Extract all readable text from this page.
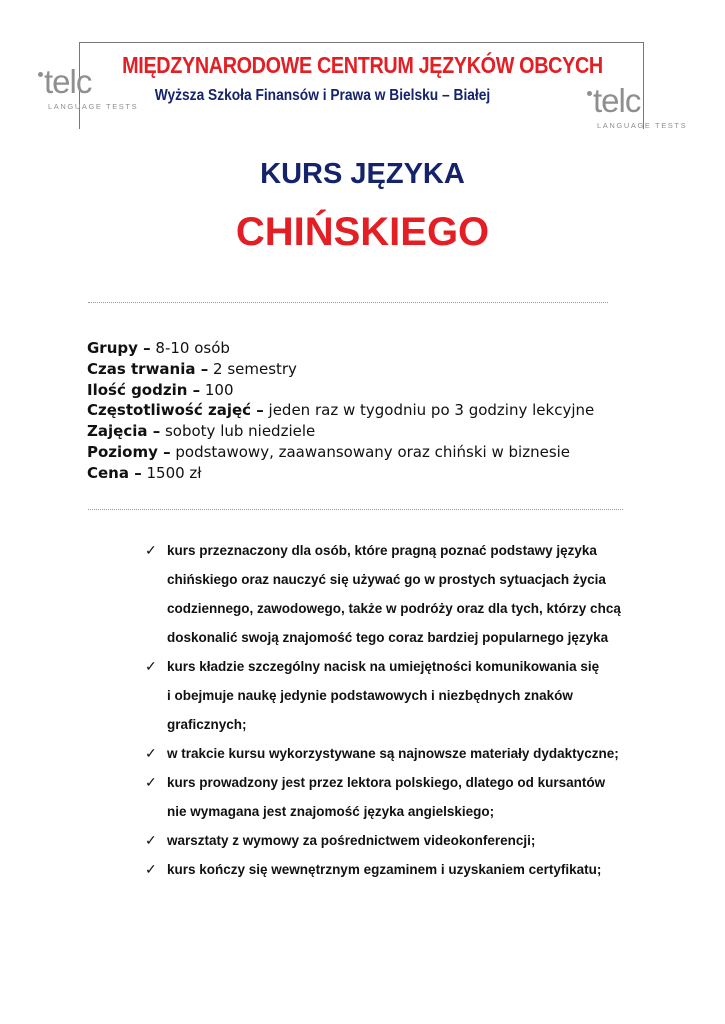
MIĘDZYNARODOWE CENTRUM JĘZYKÓW OBCYCH
Wyższa Szkoła Finansów i Prawa w Bielsku – Białej
telc
LANGUAGE TESTS	telc
LANGUAGE TESTS
KURS JĘZYKA
CHIŃSKIEGO
Grupy – 8-10 osób
Czas trwania – 2 semestry
Ilość godzin – 100
Częstotliwość zajęć – jeden raz w tygodniu po 3 godziny lekcyjne
Zajęcia – soboty lub niedziele
Poziomy – podstawowy, zaawansowany oraz chiński w biznesie
Cena – 1500 zł
✓ kurs przeznaczony dla osób, które pragną poznać podstawy języka
chińskiego oraz nauczyć się używać go w prostych sytuacjach życia
codziennego, zawodowego, także w podróży oraz dla tych, którzy chcą
doskonalić swoją znajomość tego coraz bardziej popularnego języka
✓ kurs kładzie szczególny nacisk na umiejętności komunikowania się
i obejmuje naukę jedynie podstawowych i niezbędnych znaków
graficznych;
✓ w trakcie kursu wykorzystywane są najnowsze materiały dydaktyczne;
✓ kurs prowadzony jest przez lektora polskiego, dlatego od kursantów
nie wymagana jest znajomość języka angielskiego;
✓ warsztaty z wymowy za pośrednictwem videokonferencji;
✓ kurs kończy się wewnętrznym egzaminem i uzyskaniem certyfikatu;
